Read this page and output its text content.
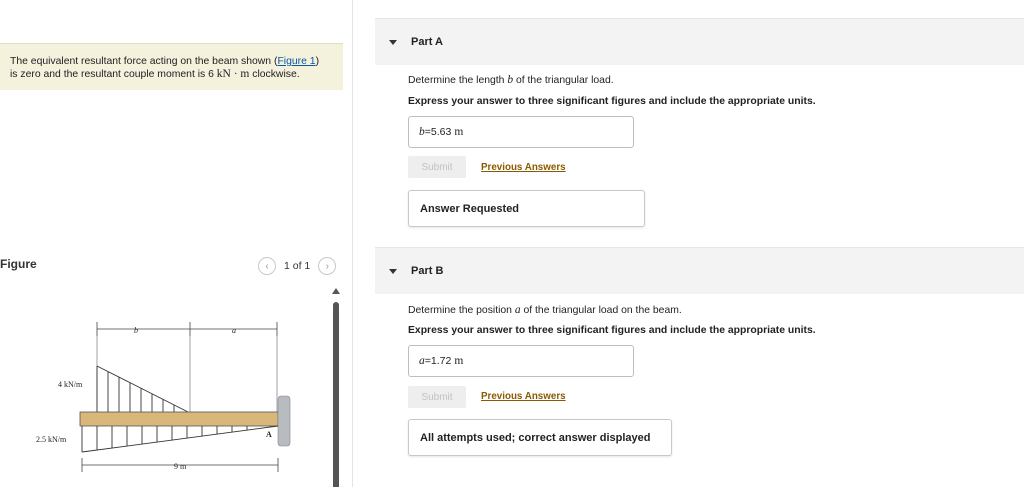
The equivalent resultant force acting on the beam shown (Figure 1)
is zero and the resultant couple moment is 6 kN · m clockwise.
Figure	‹ 1 of 1 ›
b	a
4 kN/m
A
2.5 kN/m
9 m
Part A
Determine the length b of the triangular load.
Express your answer to three significant figures and include the appropriate units.
b = 5.63 m
Submit	Previous Answers
Answer Requested
Part B
Determine the position a of the triangular load on the beam.
Express your answer to three significant figures and include the appropriate units.
a = 1.72 m
Submit	Previous Answers
All attempts used; correct answer displayed
